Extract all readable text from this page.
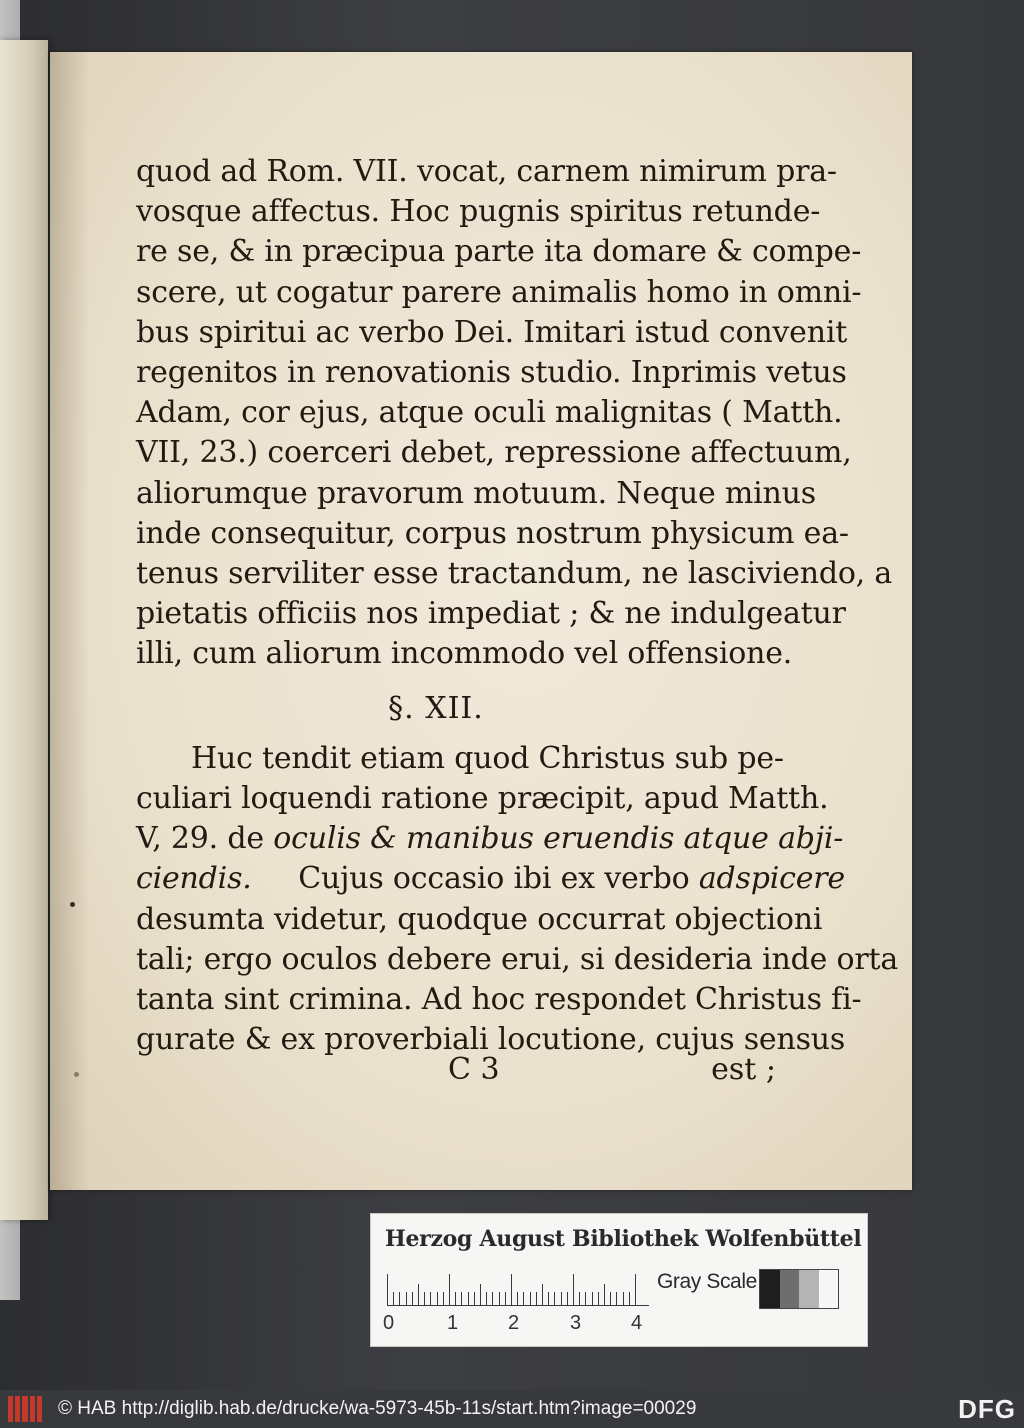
quod ad Rom. VII. vocat, carnem nimirum pra-
vosque affectus. Hoc pugnis spiritus retunde-
re se, & in præcipua parte ita domare & compe-
scere, ut cogatur parere animalis homo in omni-
bus spiritui ac verbo Dei. Imitari istud convenit
regenitos in renovationis studio. Inprimis vetus
Adam, cor ejus, atque oculi malignitas ( Matth.
VII, 23.) coerceri debet, repressione affectuum,
aliorumque pravorum motuum. Neque minus
inde consequitur, corpus nostrum physicum ea-
tenus serviliter esse tractandum, ne lasciviendo, a
pietatis officiis nos impediat ; & ne indulgeatur
illi, cum aliorum incommodo vel offensione.
§. XII.
Huc tendit etiam quod Christus sub pe-
culiari loquendi ratione præcipit, apud Matth.
V, 29. de oculis & manibus eruendis atque abji-
ciendis.     Cujus occasio ibi ex verbo adspicere
desumta videtur, quodque occurrat objectioni
tali; ergo oculos debere erui, si desideria inde orta
tanta sint crimina. Ad hoc respondet Christus fi-
gurate & ex proverbiali locutione, cujus sensus
C 3	est ;
Herzog August Bibliothek Wolfenbüttel
0	1 2	3 4
Gray Scale
© HAB http://diglib.hab.de/drucke/wa-5973-45b-11s/start.htm?image=00029	DFG
